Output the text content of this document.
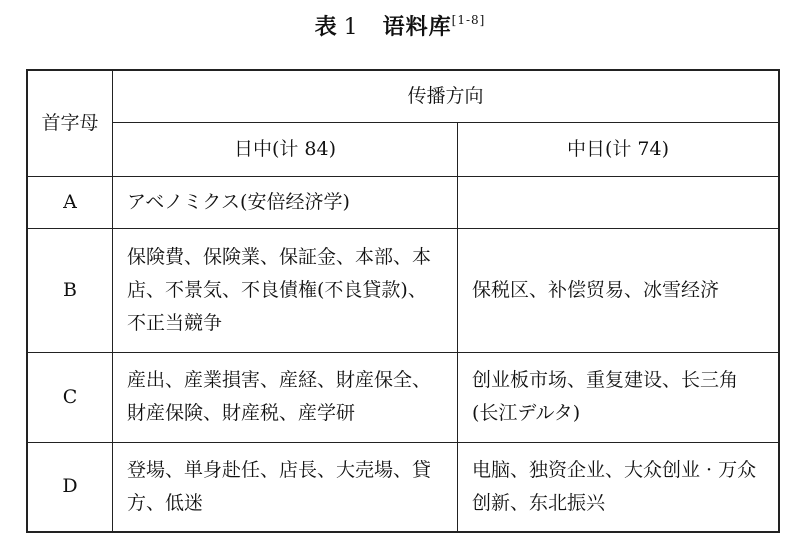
表 1 语料库[1-8]
首字母	传播方向	
	日中(计 84)	中日(计 74)
A	アベノミクス(安倍经济学)	
B	保険費、保険業、保証金、本部、本店、不景気、不良債権(不良貸款)、不正当競争	保税区、补偿贸易、冰雪经济
C	産出、産業損害、産経、財産保全、財産保険、財産税、産学研	创业板市场、重复建设、长三角(长江デルタ)
D	登場、単身赴任、店長、大売場、貸方、低迷	电脑、独资企业、大众创业 · 万众创新、东北振兴
